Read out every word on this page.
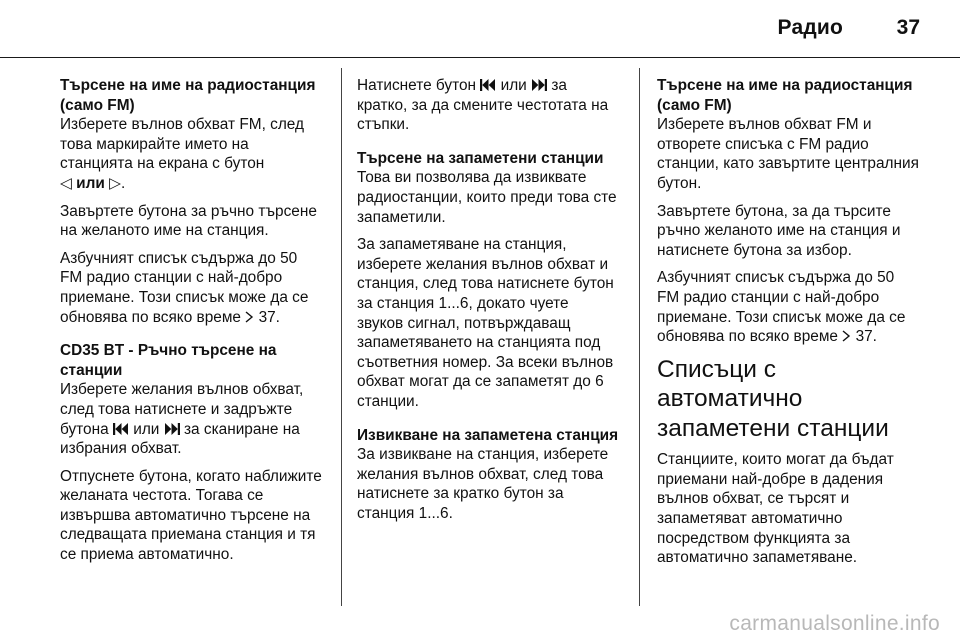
Радио	37

Търсене на име на радиостанция (само FM)

Изберете вълнов обхват FM, след това маркирайте името на станцията на екрана с бутон
◁ или ▷.

Завъртете бутона за ръчно търсене на желаното име на станция.

Азбучният списък съдържа до 50 FM радио станции с най-добро приемане. Този списък може да се обновява по всяко време 37.

CD35 BT - Ръчно търсене на станции

Изберете желания вълнов обхват, след това натиснете и задръжте бутона или за сканиране на избрания обхват.

Отпуснете бутона, когато наближите желаната честота. Тогава се извършва автоматично търсене на следващата приемана станция и тя се приема автоматично.

Натиснете бутон или за кратко, за да смените честотата на стъпки.

Търсене на запаметени станции

Това ви позволява да извиквате радиостанции, които преди това сте запаметили.

За запаметяване на станция, изберете желания вълнов обхват и станция, след това натиснете бутон за станция 1...6, докато чуете звуков сигнал, потвърждаващ запаметяването на станцията под съответния номер. За всеки вълнов обхват могат да се запаметят до 6 станции.

Извикване на запаметена станция

За извикване на станция, изберете желания вълнов обхват, след това натиснете за кратко бутон за станция 1...6.

Търсене на име на радиостанция (само FM)

Изберете вълнов обхват FM и отворете списъка с FM радио станции, като завъртите централния бутон.

Завъртете бутона, за да търсите ръчно желаното име на станция и натиснете бутона за избор.

Азбучният списък съдържа до 50 FM радио станции с най-добро приемане. Този списък може да се обновява по всяко време 37.

Списъци с автоматично запаметени станции

Станциите, които могат да бъдат приемани най-добре в дадения вълнов обхват, се търсят и запаметяват автоматично посредством функцията за автоматично запаметяване.

carmanualsonline.info
